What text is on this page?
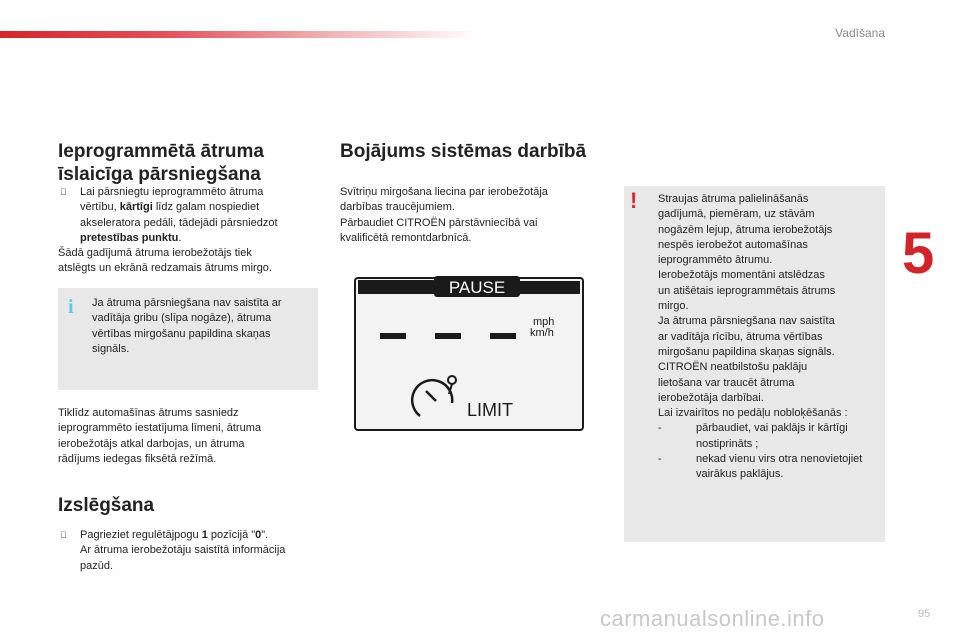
Vadīšana
5
Ieprogrammētā ātruma
īslaicīga pārsniegšana
Lai pārsniegtu ieprogrammēto ātruma
vērtību, kārtīgi līdz galam nospiediet
akseleratora pedāli, tādejādi pārsniedzot
pretestības punktu.
Šādā gadījumā ātruma ierobežotājs tiek
atslēgts un ekrānā redzamais ātrums mirgo.
i Ja ātruma pārsniegšana nav saistīta ar
vadītāja gribu (slīpa nogāze), ātruma
vērtības mirgošanu papildina skaņas
signāls.
Tiklīdz automašīnas ātrums sasniedz
ieprogrammēto iestatījuma līmeni, ātruma
ierobežotājs atkal darbojas, un ātruma
rādījums iedegas fiksētā režīmā.
Izslēgšana
Pagrieziet regulētājpogu 1 pozīcijā "0".
Ar ātruma ierobežotāju saistītā informācija
pazūd.
Bojājums sistēmas darbībā
Svītriņu mirgošana liecina par ierobežotāja
darbības traucējumiem.
Pārbaudiet CITROËN pārstāvniecībā vai
kvalificētā remontdarbnīcā.
PAUSE
mph
km/h
LIMIT
! Straujas ātruma palielināšanās
gadījumā, piemēram, uz stāvām
nogāzēm lejup, ātruma ierobežotājs
nespēs ierobežot automašīnas
ieprogrammēto ātrumu.
Ierobežotājs momentāni atslēdzas
un atišētais ieprogrammētais ātrums
mirgo.
Ja ātruma pārsniegšana nav saistīta
ar vadītāja rīcību, ātruma vērtības
mirgošanu papildina skaņas signāls.
CITROËN neatbilstošu paklāju
lietošana var traucēt ātruma
ierobežotāja darbībai.
Lai izvairītos no pedāļu nobloķēšanās :
-	pārbaudiet, vai paklājs ir kārtīgi
nostiprināts ;
-	nekad vienu virs otra nenovietojiet
vairākus paklājus.
carmanualsonline.info	95
